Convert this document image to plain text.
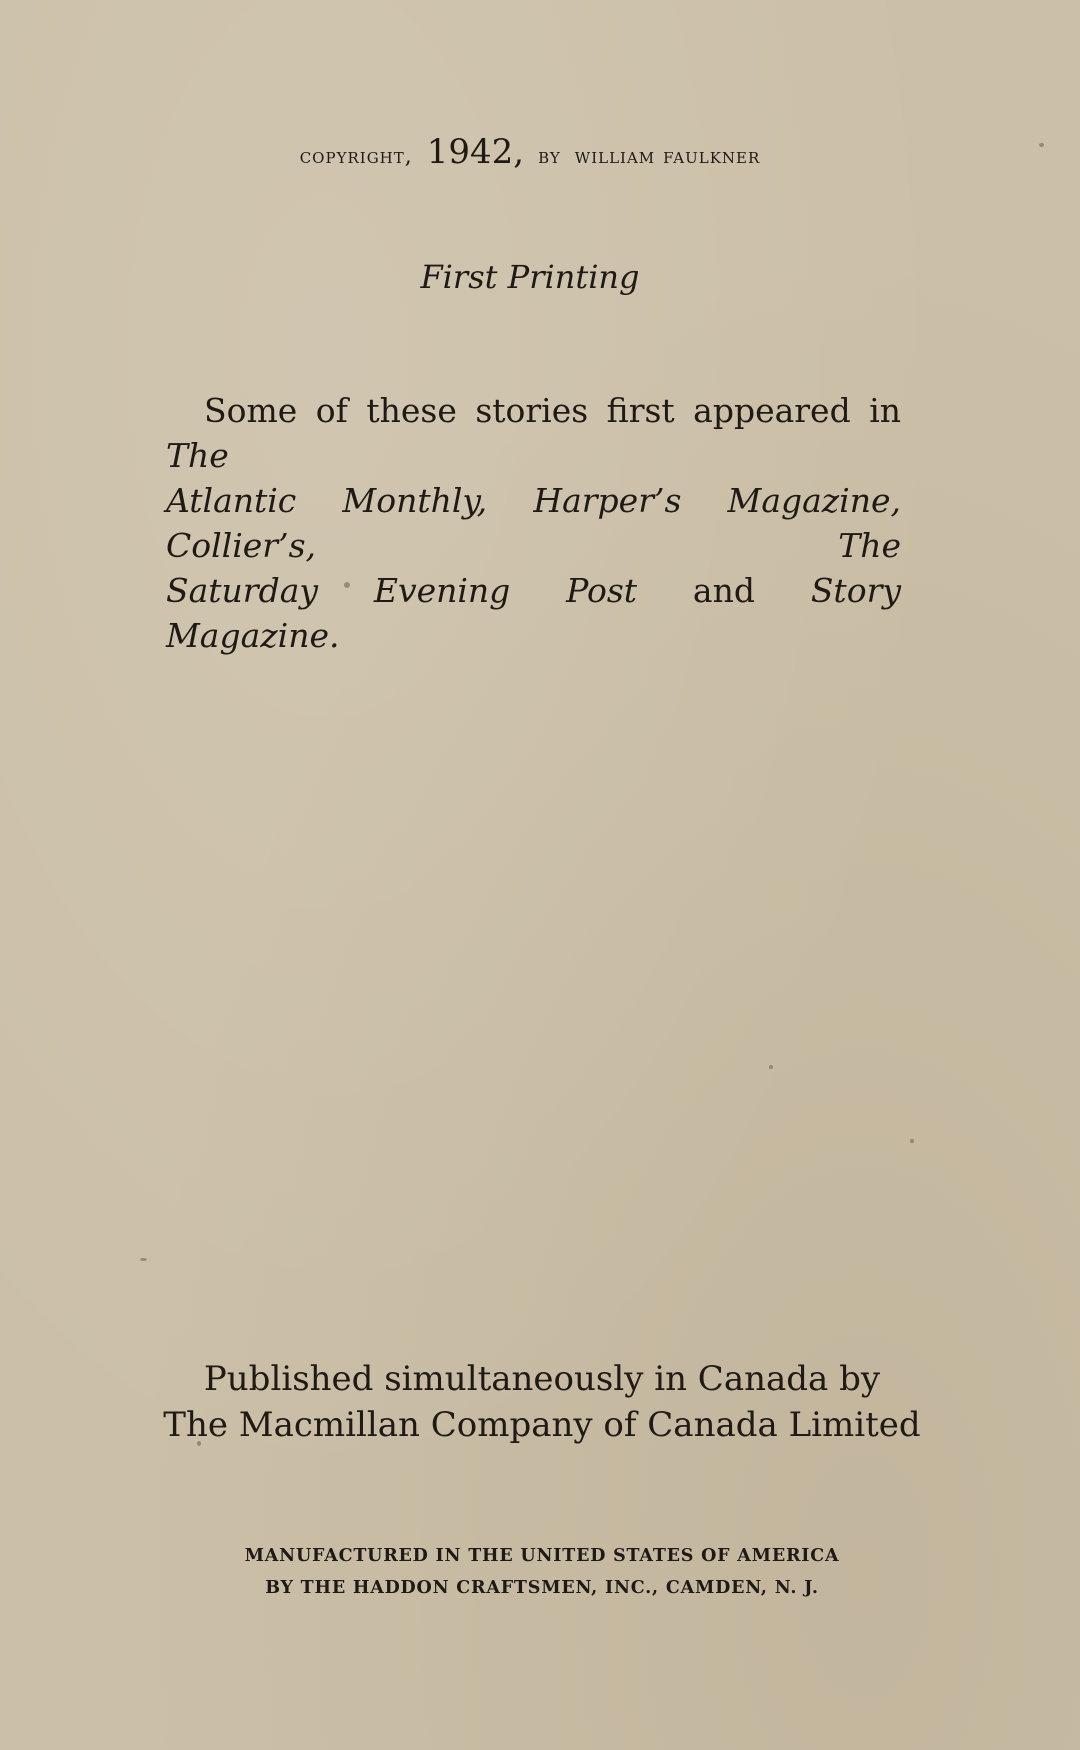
copyright, 1942, by william faulkner
First Printing
Some of these stories first appeared in The
Atlantic Monthly, Harper’s Magazine, Collier’s,	The
Saturday Evening Post and Story Magazine.
Published simultaneously in Canada by
The Macmillan Company of Canada Limited
MANUFACTURED IN THE UNITED STATES OF AMERICA
BY THE HADDON CRAFTSMEN, INC., CAMDEN, N. J.
